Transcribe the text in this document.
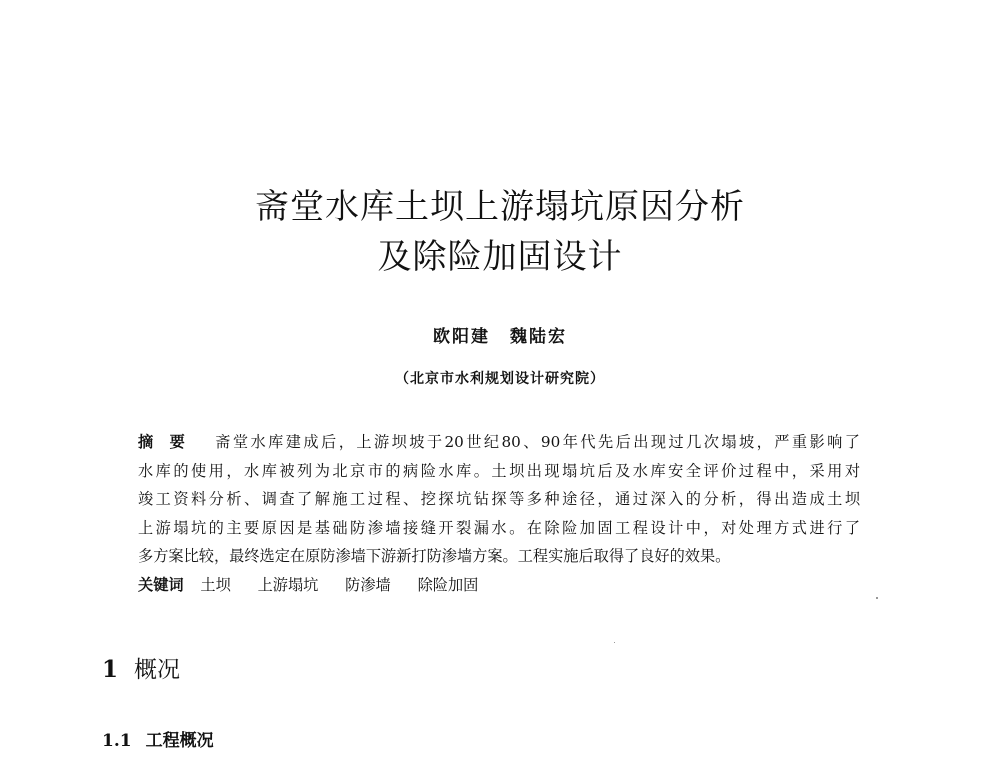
斋堂水库土坝上游塌坑原因分析
及除险加固设计
欧阳建 魏陆宏
（北京市水利规划设计研究院）
摘要 斋堂水库建成后，上游坝坡于20世纪80、90年代先后出现过几次塌坡，严重影响了
水库的使用，水库被列为北京市的病险水库。土坝出现塌坑后及水库安全评价过程中，采用对
竣工资料分析、调查了解施工过程、挖探坑钻探等多种途径，通过深入的分析，得出造成土坝
上游塌坑的主要原因是基础防渗墙接缝开裂漏水。在除险加固工程设计中，对处理方式进行了
多方案比较，最终选定在原防渗墙下游新打防渗墙方案。工程实施后取得了良好的效果。
关键词 土坝 上游塌坑 防渗墙 除险加固
1 概况
1.1 工程概况
